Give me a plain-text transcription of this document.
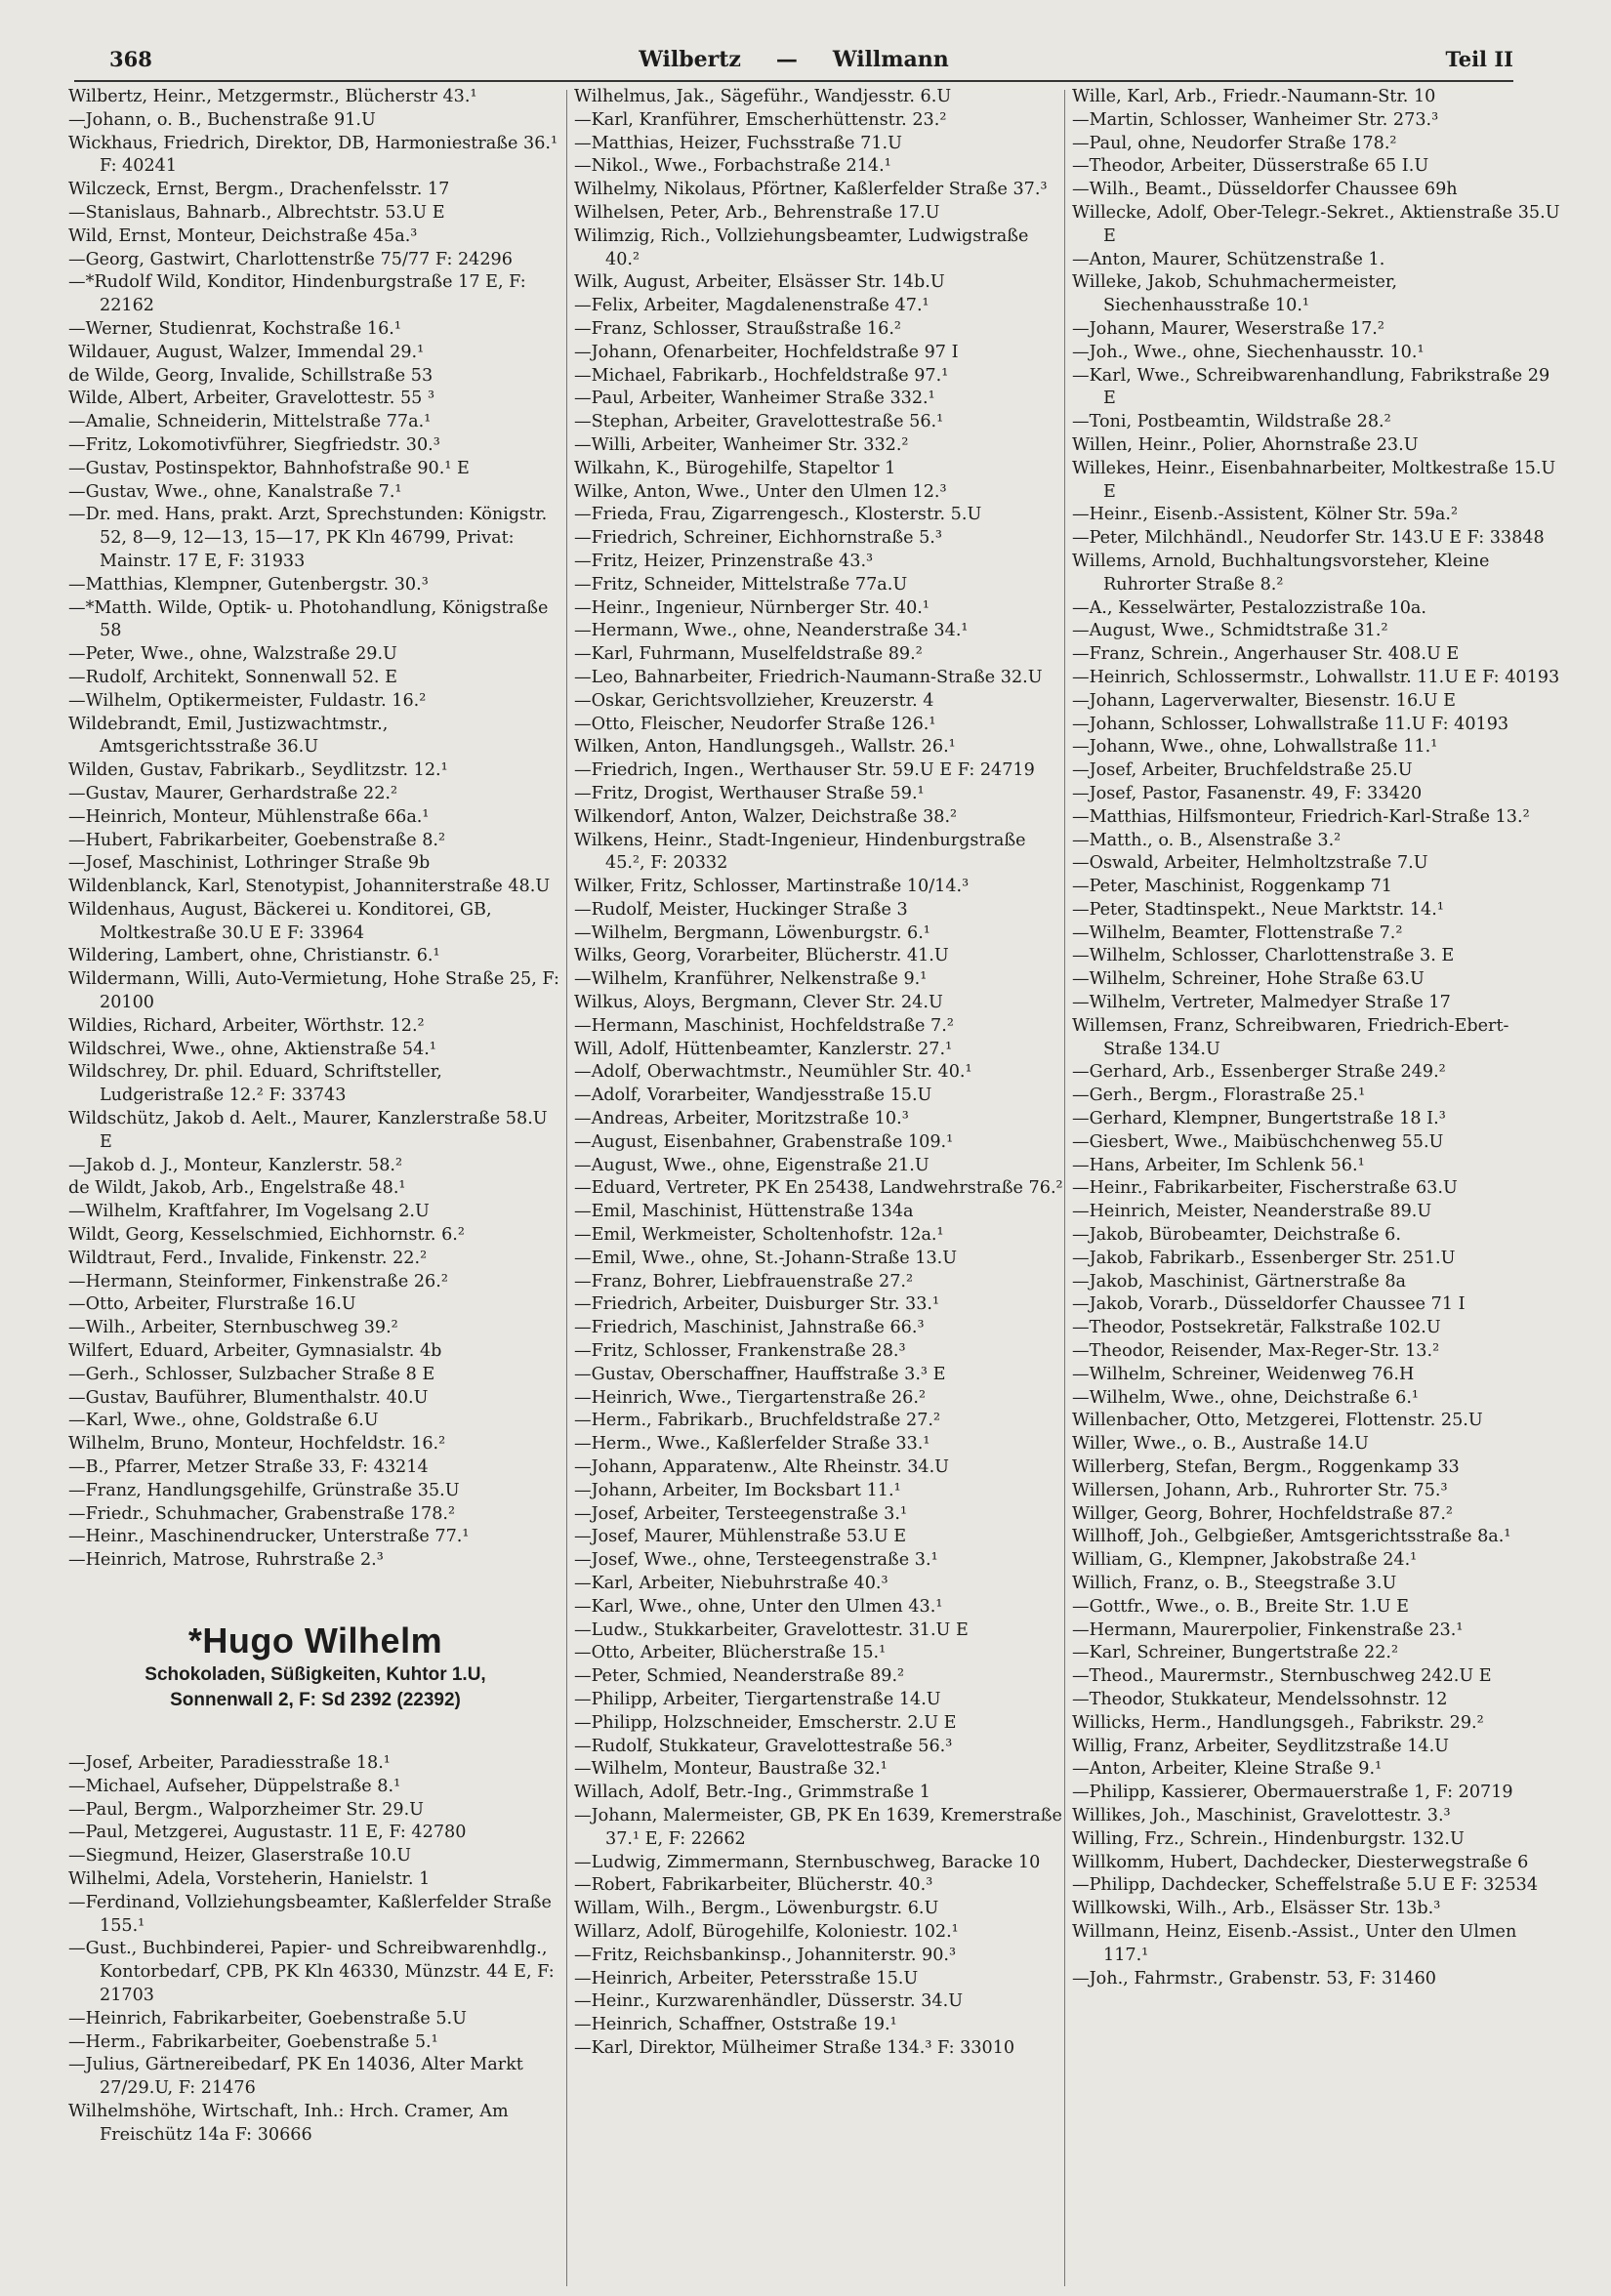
368	Wilbertz — Willmann	Teil II

Wilbertz, Heinr., Metzgermstr., Blücherstr 43.¹

—Johann, o. B., Buchenstraße 91.U

Wickhaus, Friedrich, Direktor, DB, Harmoniestraße 36.¹ F: 40241

Wilczeck, Ernst, Bergm., Drachenfelsstr. 17

—Stanislaus, Bahnarb., Albrechtstr. 53.U E

Wild, Ernst, Monteur, Deichstraße 45a.³

—Georg, Gastwirt, Charlottenstrße 75/77 F: 24296

—*Rudolf Wild, Konditor, Hindenburgstraße 17 E, F: 22162

—Werner, Studienrat, Kochstraße 16.¹

Wildauer, August, Walzer, Immendal 29.¹

de Wilde, Georg, Invalide, Schillstraße 53

Wilde, Albert, Arbeiter, Gravelottestr. 55 ³

—Amalie, Schneiderin, Mittelstraße 77a.¹

—Fritz, Lokomotivführer, Siegfriedstr. 30.³

—Gustav, Postinspektor, Bahnhofstraße 90.¹ E

—Gustav, Wwe., ohne, Kanalstraße 7.¹

—Dr. med. Hans, prakt. Arzt, Sprechstunden: Königstr. 52, 8—9, 12—13, 15—17, PK Kln 46799, Privat: Mainstr. 17 E, F: 31933

—Matthias, Klempner, Gutenbergstr. 30.³

—*Matth. Wilde, Optik- u. Photohandlung, Königstraße 58

—Peter, Wwe., ohne, Walzstraße 29.U

—Rudolf, Architekt, Sonnenwall 52. E

—Wilhelm, Optikermeister, Fuldastr. 16.²

Wildebrandt, Emil, Justizwachtmstr., Amtsgerichtsstraße 36.U

Wilden, Gustav, Fabrikarb., Seydlitzstr. 12.¹

—Gustav, Maurer, Gerhardstraße 22.²

—Heinrich, Monteur, Mühlenstraße 66a.¹

—Hubert, Fabrikarbeiter, Goebenstraße 8.²

—Josef, Maschinist, Lothringer Straße 9b

Wildenblanck, Karl, Stenotypist, Johanniterstraße 48.U

Wildenhaus, August, Bäckerei u. Konditorei, GB, Moltkestraße 30.U E F: 33964

Wildering, Lambert, ohne, Christianstr. 6.¹

Wildermann, Willi, Auto-Vermietung, Hohe Straße 25, F: 20100

Wildies, Richard, Arbeiter, Wörthstr. 12.²

Wildschrei, Wwe., ohne, Aktienstraße 54.¹

Wildschrey, Dr. phil. Eduard, Schriftsteller, Ludgeristraße 12.² F: 33743

Wildschütz, Jakob d. Aelt., Maurer, Kanzlerstraße 58.U E

—Jakob d. J., Monteur, Kanzlerstr. 58.²

de Wildt, Jakob, Arb., Engelstraße 48.¹

—Wilhelm, Kraftfahrer, Im Vogelsang 2.U

Wildt, Georg, Kesselschmied, Eichhornstr. 6.²

Wildtraut, Ferd., Invalide, Finkenstr. 22.²

—Hermann, Steinformer, Finkenstraße 26.²

—Otto, Arbeiter, Flurstraße 16.U

—Wilh., Arbeiter, Sternbuschweg 39.²

Wilfert, Eduard, Arbeiter, Gymnasialstr. 4b

—Gerh., Schlosser, Sulzbacher Straße 8 E

—Gustav, Bauführer, Blumenthalstr. 40.U

—Karl, Wwe., ohne, Goldstraße 6.U

Wilhelm, Bruno, Monteur, Hochfeldstr. 16.²

—B., Pfarrer, Metzer Straße 33, F: 43214

—Franz, Handlungsgehilfe, Grünstraße 35.U

—Friedr., Schuhmacher, Grabenstraße 178.²

—Heinr., Maschinendrucker, Unterstraße 77.¹

—Heinrich, Matrose, Ruhrstraße 2.³

*Hugo Wilhelm
Schokoladen, Süßigkeiten, Kuhtor 1.U,
Sonnenwall 2, F: Sd 2392 (22392)

—Josef, Arbeiter, Paradiesstraße 18.¹

—Michael, Aufseher, Düppelstraße 8.¹

—Paul, Bergm., Walporzheimer Str. 29.U

—Paul, Metzgerei, Augustastr. 11 E, F: 42780

—Siegmund, Heizer, Glaserstraße 10.U

Wilhelmi, Adela, Vorsteherin, Hanielstr. 1

—Ferdinand, Vollziehungsbeamter, Kaßlerfelder Straße 155.¹

—Gust., Buchbinderei, Papier- und Schreibwarenhdlg., Kontorbedarf, CPB, PK Kln 46330, Münzstr. 44 E, F: 21703

—Heinrich, Fabrikarbeiter, Goebenstraße 5.U

—Herm., Fabrikarbeiter, Goebenstraße 5.¹

—Julius, Gärtnereibedarf, PK En 14036, Alter Markt 27/29.U, F: 21476

Wilhelmshöhe, Wirtschaft, Inh.: Hrch. Cramer, Am Freischütz 14a F: 30666

Wilhelmus, Jak., Sägeführ., Wandjesstr. 6.U

—Karl, Kranführer, Emscherhüttenstr. 23.²

—Matthias, Heizer, Fuchsstraße 71.U

—Nikol., Wwe., Forbachstraße 214.¹

Wilhelmy, Nikolaus, Pförtner, Kaßlerfelder Straße 37.³

Wilhelsen, Peter, Arb., Behrenstraße 17.U

Wilimzig, Rich., Vollziehungsbeamter, Ludwigstraße 40.²

Wilk, August, Arbeiter, Elsässer Str. 14b.U

—Felix, Arbeiter, Magdalenenstraße 47.¹

—Franz, Schlosser, Straußstraße 16.²

—Johann, Ofenarbeiter, Hochfeldstraße 97 I

—Michael, Fabrikarb., Hochfeldstraße 97.¹

—Paul, Arbeiter, Wanheimer Straße 332.¹

—Stephan, Arbeiter, Gravelottestraße 56.¹

—Willi, Arbeiter, Wanheimer Str. 332.²

Wilkahn, K., Bürogehilfe, Stapeltor 1

Wilke, Anton, Wwe., Unter den Ulmen 12.³

—Frieda, Frau, Zigarrengesch., Klosterstr. 5.U

—Friedrich, Schreiner, Eichhornstraße 5.³

—Fritz, Heizer, Prinzenstraße 43.³

—Fritz, Schneider, Mittelstraße 77a.U

—Heinr., Ingenieur, Nürnberger Str. 40.¹

—Hermann, Wwe., ohne, Neanderstraße 34.¹

—Karl, Fuhrmann, Muselfeldstraße 89.²

—Leo, Bahnarbeiter, Friedrich-Naumann-Straße 32.U

—Oskar, Gerichtsvollzieher, Kreuzerstr. 4

—Otto, Fleischer, Neudorfer Straße 126.¹

Wilken, Anton, Handlungsgeh., Wallstr. 26.¹

—Friedrich, Ingen., Werthauser Str. 59.U E F: 24719

—Fritz, Drogist, Werthauser Straße 59.¹

Wilkendorf, Anton, Walzer, Deichstraße 38.²

Wilkens, Heinr., Stadt-Ingenieur, Hindenburgstraße 45.², F: 20332

Wilker, Fritz, Schlosser, Martinstraße 10/14.³

—Rudolf, Meister, Huckinger Straße 3

—Wilhelm, Bergmann, Löwenburgstr. 6.¹

Wilks, Georg, Vorarbeiter, Blücherstr. 41.U

—Wilhelm, Kranführer, Nelkenstraße 9.¹

Wilkus, Aloys, Bergmann, Clever Str. 24.U

—Hermann, Maschinist, Hochfeldstraße 7.²

Will, Adolf, Hüttenbeamter, Kanzlerstr. 27.¹

—Adolf, Oberwachtmstr., Neumühler Str. 40.¹

—Adolf, Vorarbeiter, Wandjesstraße 15.U

—Andreas, Arbeiter, Moritzstraße 10.³

—August, Eisenbahner, Grabenstraße 109.¹

—August, Wwe., ohne, Eigenstraße 21.U

—Eduard, Vertreter, PK En 25438, Landwehrstraße 76.²

—Emil, Maschinist, Hüttenstraße 134a

—Emil, Werkmeister, Scholtenhofstr. 12a.¹

—Emil, Wwe., ohne, St.-Johann-Straße 13.U

—Franz, Bohrer, Liebfrauenstraße 27.²

—Friedrich, Arbeiter, Duisburger Str. 33.¹

—Friedrich, Maschinist, Jahnstraße 66.³

—Fritz, Schlosser, Frankenstraße 28.³

—Gustav, Oberschaffner, Hauffstraße 3.³ E

—Heinrich, Wwe., Tiergartenstraße 26.²

—Herm., Fabrikarb., Bruchfeldstraße 27.²

—Herm., Wwe., Kaßlerfelder Straße 33.¹

—Johann, Apparatenw., Alte Rheinstr. 34.U

—Johann, Arbeiter, Im Bocksbart 11.¹

—Josef, Arbeiter, Tersteegenstraße 3.¹

—Josef, Maurer, Mühlenstraße 53.U E

—Josef, Wwe., ohne, Tersteegenstraße 3.¹

—Karl, Arbeiter, Niebuhrstraße 40.³

—Karl, Wwe., ohne, Unter den Ulmen 43.¹

—Ludw., Stukkarbeiter, Gravelottestr. 31.U E

—Otto, Arbeiter, Blücherstraße 15.¹

—Peter, Schmied, Neanderstraße 89.²

—Philipp, Arbeiter, Tiergartenstraße 14.U

—Philipp, Holzschneider, Emscherstr. 2.U E

—Rudolf, Stukkateur, Gravelottestraße 56.³

—Wilhelm, Monteur, Baustraße 32.¹

Willach, Adolf, Betr.-Ing., Grimmstraße 1

—Johann, Malermeister, GB, PK En 1639, Kremerstraße 37.¹ E, F: 22662

—Ludwig, Zimmermann, Sternbuschweg, Baracke 10

—Robert, Fabrikarbeiter, Blücherstr. 40.³

Willam, Wilh., Bergm., Löwenburgstr. 6.U

Willarz, Adolf, Bürogehilfe, Koloniestr. 102.¹

—Fritz, Reichsbankinsp., Johanniterstr. 90.³

—Heinrich, Arbeiter, Petersstraße 15.U

—Heinr., Kurzwarenhändler, Düsserstr. 34.U

—Heinrich, Schaffner, Oststraße 19.¹

—Karl, Direktor, Mülheimer Straße 134.³ F: 33010

Wille, Karl, Arb., Friedr.-Naumann-Str. 10

—Martin, Schlosser, Wanheimer Str. 273.³

—Paul, ohne, Neudorfer Straße 178.²

—Theodor, Arbeiter, Düsserstraße 65 I.U

—Wilh., Beamt., Düsseldorfer Chaussee 69h

Willecke, Adolf, Ober-Telegr.-Sekret., Aktienstraße 35.U E

—Anton, Maurer, Schützenstraße 1.

Willeke, Jakob, Schuhmachermeister, Siechenhausstraße 10.¹

—Johann, Maurer, Weserstraße 17.²

—Joh., Wwe., ohne, Siechenhausstr. 10.¹

—Karl, Wwe., Schreibwarenhandlung, Fabrikstraße 29 E

—Toni, Postbeamtin, Wildstraße 28.²

Willen, Heinr., Polier, Ahornstraße 23.U

Willekes, Heinr., Eisenbahnarbeiter, Moltkestraße 15.U E

—Heinr., Eisenb.-Assistent, Kölner Str. 59a.²

—Peter, Milchhändl., Neudorfer Str. 143.U E F: 33848

Willems, Arnold, Buchhaltungsvorsteher, Kleine Ruhrorter Straße 8.²

—A., Kesselwärter, Pestalozzistraße 10a.

—August, Wwe., Schmidtstraße 31.²

—Franz, Schrein., Angerhauser Str. 408.U E

—Heinrich, Schlossermstr., Lohwallstr. 11.U E F: 40193

—Johann, Lagerverwalter, Biesenstr. 16.U E

—Johann, Schlosser, Lohwallstraße 11.U F: 40193

—Johann, Wwe., ohne, Lohwallstraße 11.¹

—Josef, Arbeiter, Bruchfeldstraße 25.U

—Josef, Pastor, Fasanenstr. 49, F: 33420

—Matthias, Hilfsmonteur, Friedrich-Karl-Straße 13.²

—Matth., o. B., Alsenstraße 3.²

—Oswald, Arbeiter, Helmholtzstraße 7.U

—Peter, Maschinist, Roggenkamp 71

—Peter, Stadtinspekt., Neue Marktstr. 14.¹

—Wilhelm, Beamter, Flottenstraße 7.²

—Wilhelm, Schlosser, Charlottenstraße 3. E

—Wilhelm, Schreiner, Hohe Straße 63.U

—Wilhelm, Vertreter, Malmedyer Straße 17

Willemsen, Franz, Schreibwaren, Friedrich-Ebert-Straße 134.U

—Gerhard, Arb., Essenberger Straße 249.²

—Gerh., Bergm., Florastraße 25.¹

—Gerhard, Klempner, Bungertstraße 18 I.³

—Giesbert, Wwe., Maibüschchenweg 55.U

—Hans, Arbeiter, Im Schlenk 56.¹

—Heinr., Fabrikarbeiter, Fischerstraße 63.U

—Heinrich, Meister, Neanderstraße 89.U

—Jakob, Bürobeamter, Deichstraße 6.

—Jakob, Fabrikarb., Essenberger Str. 251.U

—Jakob, Maschinist, Gärtnerstraße 8a

—Jakob, Vorarb., Düsseldorfer Chaussee 71 I

—Theodor, Postsekretär, Falkstraße 102.U

—Theodor, Reisender, Max-Reger-Str. 13.²

—Wilhelm, Schreiner, Weidenweg 76.H

—Wilhelm, Wwe., ohne, Deichstraße 6.¹

Willenbacher, Otto, Metzgerei, Flottenstr. 25.U

Willer, Wwe., o. B., Austraße 14.U

Willerberg, Stefan, Bergm., Roggenkamp 33

Willersen, Johann, Arb., Ruhrorter Str. 75.³

Willger, Georg, Bohrer, Hochfeldstraße 87.²

Willhoff, Joh., Gelbgießer, Amtsgerichtsstraße 8a.¹

William, G., Klempner, Jakobstraße 24.¹

Willich, Franz, o. B., Steegstraße 3.U

—Gottfr., Wwe., o. B., Breite Str. 1.U E

—Hermann, Maurerpolier, Finkenstraße 23.¹

—Karl, Schreiner, Bungertstraße 22.²

—Theod., Maurermstr., Sternbuschweg 242.U E

—Theodor, Stukkateur, Mendelssohnstr. 12

Willicks, Herm., Handlungsgeh., Fabrikstr. 29.²

Willig, Franz, Arbeiter, Seydlitzstraße 14.U

—Anton, Arbeiter, Kleine Straße 9.¹

—Philipp, Kassierer, Obermauerstraße 1, F: 20719

Willikes, Joh., Maschinist, Gravelottestr. 3.³

Willing, Frz., Schrein., Hindenburgstr. 132.U

Willkomm, Hubert, Dachdecker, Diesterwegstraße 6

—Philipp, Dachdecker, Scheffelstraße 5.U E F: 32534

Willkowski, Wilh., Arb., Elsässer Str. 13b.³

Willmann, Heinz, Eisenb.-Assist., Unter den Ulmen 117.¹

—Joh., Fahrmstr., Grabenstr. 53, F: 31460
